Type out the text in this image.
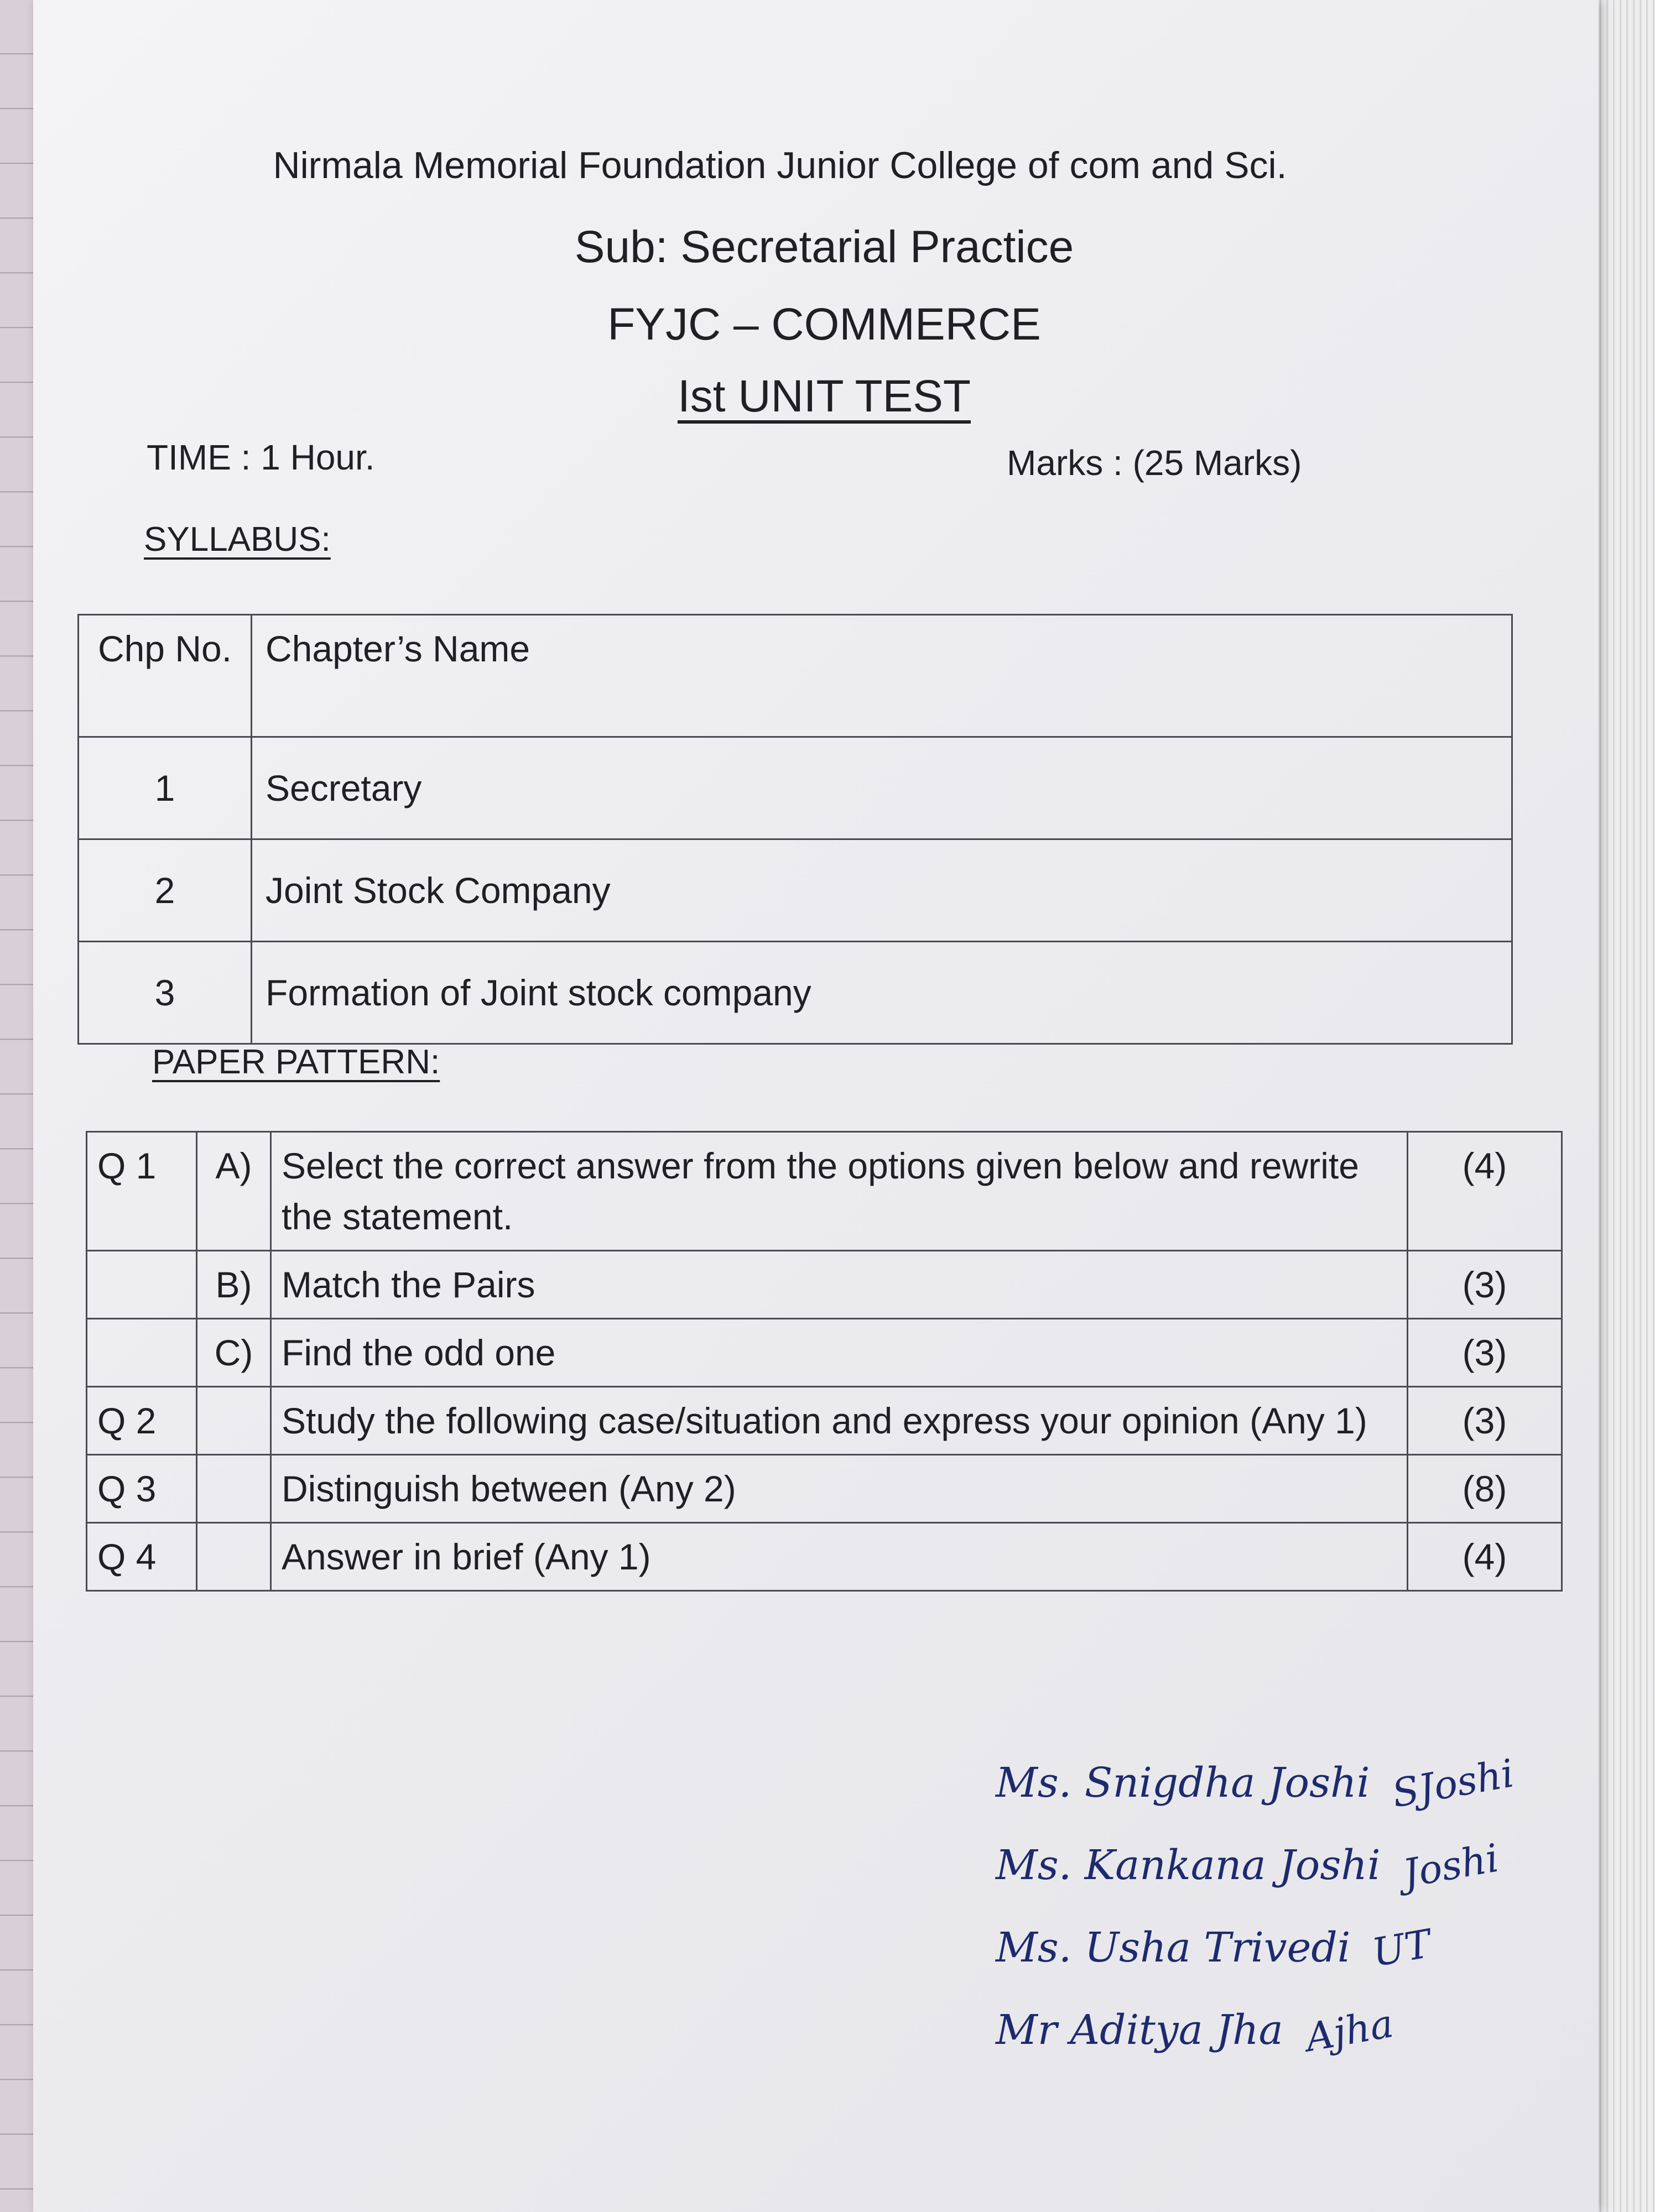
Nirmala Memorial Foundation Junior College of com and Sci.
Sub: Secretarial Practice
FYJC – COMMERCE
Ist UNIT TEST
TIME : 1 Hour.	Marks : (25 Marks)
SYLLABUS:
Chp No.	Chapter’s Name
1	Secretary
2	Joint Stock Company
3	Formation of Joint stock company
PAPER PATTERN:
Q 1	A)	Select the correct answer from the options given below and rewrite the statement.	(4)
	B)	Match the Pairs	(3)
	C)	Find the odd one	(3)
Q 2		Study the following case/situation and express your opinion (Any 1)	(3)
Q 3		Distinguish between (Any 2)	(8)
Q 4		Answer in brief (Any 1)	(4)
Ms. Snigdha Joshi SJoshi
Ms. Kankana Joshi Joshi
Ms. Usha Trivedi UT
Mr Aditya Jha Ajha
